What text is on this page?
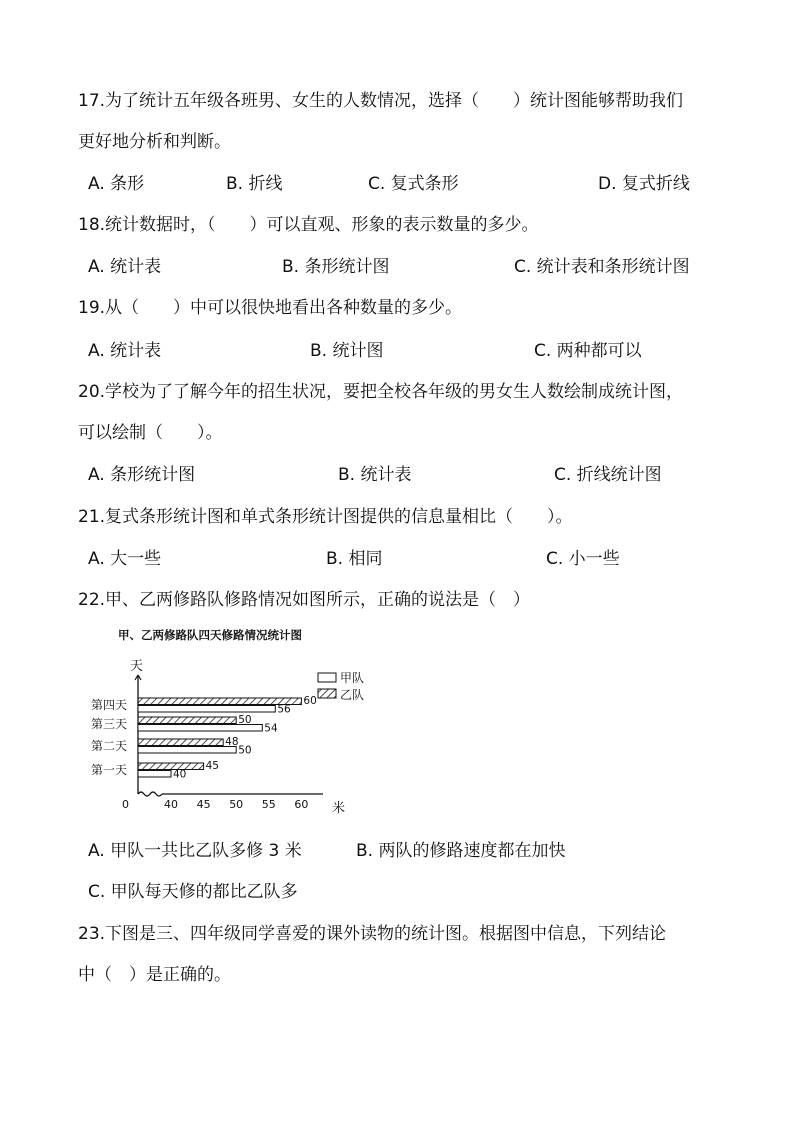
17.为了统计五年级各班男、女生的人数情况，选择（　　）统计图能够帮助我们
更好地分析和判断。
A. 条形	B. 折线	C. 复式条形	D. 复式折线
18.统计数据时，（　　）可以直观、形象的表示数量的多少。
A. 统计表	B. 条形统计图	C. 统计表和条形统计图
19.从（　　）中可以很快地看出各种数量的多少。
A. 统计表	B. 统计图	C. 两种都可以
20.学校为了了解今年的招生状况，要把全校各年级的男女生人数绘制成统计图，
可以绘制（　　）。
A. 条形统计图	B. 统计表	C. 折线统计图
21.复式条形统计图和单式条形统计图提供的信息量相比（　　）。
A. 大一些	B. 相同	C. 小一些
22.甲、乙两修路队修路情况如图所示，正确的说法是（　）
甲、乙两修路队四天修路情况统计图
天
米
0	40 45 50 55 60
第一天	45
40
第二天	48
50
第三天	50
54
第四天	60
56
甲队
乙队
A. 甲队一共比乙队多修 3 米	B. 两队的修路速度都在加快
C. 甲队每天修的都比乙队多
23.下图是三、四年级同学喜爱的课外读物的统计图。根据图中信息，下列结论
中（　）是正确的。
